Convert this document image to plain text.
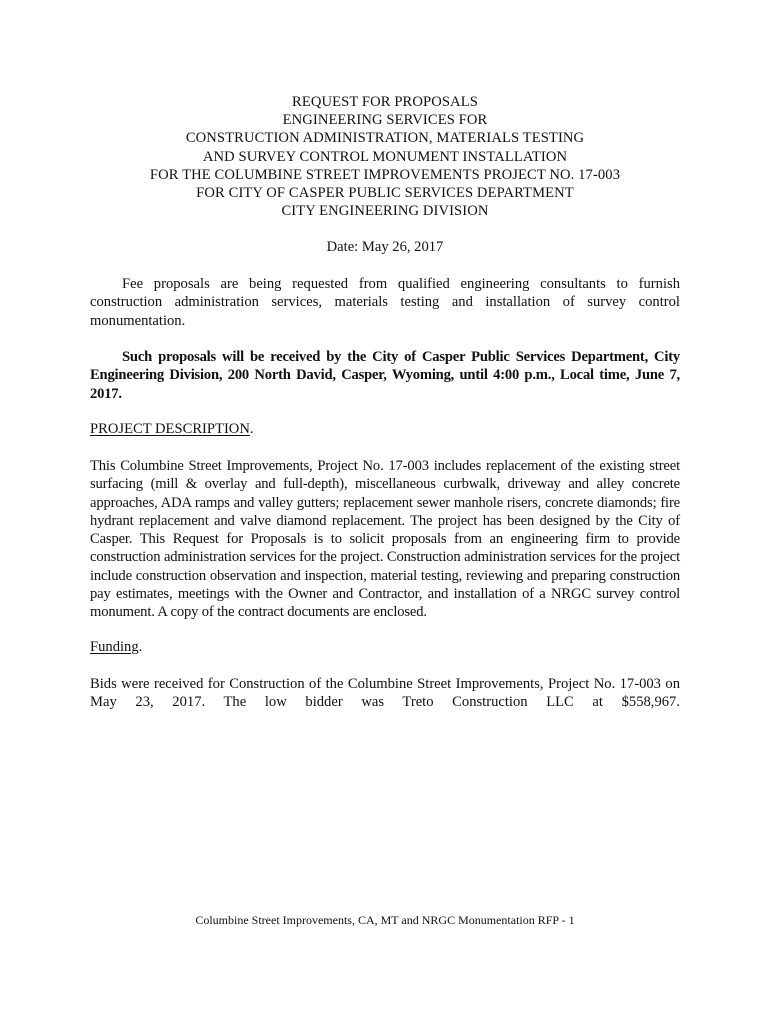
REQUEST FOR PROPOSALS
ENGINEERING SERVICES FOR
CONSTRUCTION ADMINISTRATION, MATERIALS TESTING
AND SURVEY CONTROL MONUMENT INSTALLATION
FOR THE COLUMBINE STREET IMPROVEMENTS PROJECT NO. 17-003
FOR CITY OF CASPER PUBLIC SERVICES DEPARTMENT
CITY ENGINEERING DIVISION
Date: May 26, 2017

Fee proposals are being requested from qualified engineering consultants to furnish construction administration services, materials testing and installation of survey control monumentation.

Such proposals will be received by the City of Casper Public Services Department, City Engineering Division, 200 North David, Casper, Wyoming, until 4:00 p.m., Local time, June 7, 2017.

PROJECT DESCRIPTION.

This Columbine Street Improvements, Project No. 17-003 includes replacement of the existing street surfacing (mill & overlay and full-depth), miscellaneous curbwalk, driveway and alley concrete approaches, ADA ramps and valley gutters; replacement sewer manhole risers, concrete diamonds; fire hydrant replacement and valve diamond replacement. The project has been designed by the City of Casper. This Request for Proposals is to solicit proposals from an engineering firm to provide construction administration services for the project. Construction administration services for the project include construction observation and inspection, material testing, reviewing and preparing construction pay estimates, meetings with the Owner and Contractor, and installation of a NRGC survey control monument. A copy of the contract documents are enclosed.

Funding.

Bids were received for Construction of the Columbine Street Improvements, Project No. 17-003 on May 23, 2017. The low bidder was Treto Construction LLC at $558,967.

Columbine Street Improvements, CA, MT and NRGC Monumentation RFP - 1
